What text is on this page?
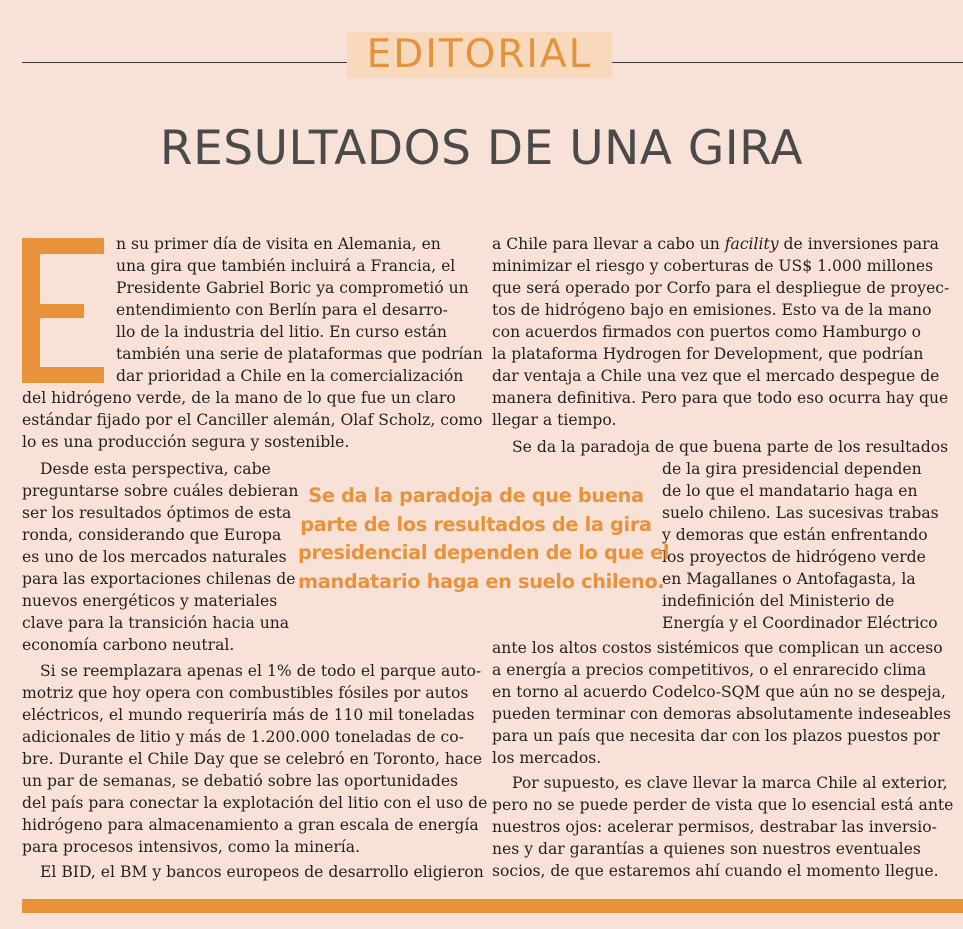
EDITORIAL
RESULTADOS DE UNA GIRA
n su primer día de visita en Alemania, en
una gira que también incluirá a Francia, el
Presidente Gabriel Boric ya comprometió un
entendimiento con Berlín para el desarro-
llo de la industria del litio. En curso están
también una serie de plataformas que podrían
dar prioridad a Chile en la comercialización
del hidrógeno verde, de la mano de lo que fue un claro
estándar fijado por el Canciller alemán, Olaf Scholz, como
lo es una producción segura y sostenible.
Desde esta perspectiva, cabe
preguntarse sobre cuáles debieran
ser los resultados óptimos de esta
ronda, considerando que Europa
es uno de los mercados naturales
para las exportaciones chilenas de
nuevos energéticos y materiales
clave para la transición hacia una
economía carbono neutral.
Si se reemplazara apenas el 1% de todo el parque auto-
motriz que hoy opera con combustibles fósiles por autos
eléctricos, el mundo requeriría más de 110 mil toneladas
adicionales de litio y más de 1.200.000 toneladas de co-
bre. Durante el Chile Day que se celebró en Toronto, hace
un par de semanas, se debatió sobre las oportunidades
del país para conectar la explotación del litio con el uso de
hidrógeno para almacenamiento a gran escala de energía
para procesos intensivos, como la minería.
El BID, el BM y bancos europeos de desarrollo eligieron
a Chile para llevar a cabo un facility de inversiones para
minimizar el riesgo y coberturas de US$ 1.000 millones
que será operado por Corfo para el despliegue de proyec-
tos de hidrógeno bajo en emisiones. Esto va de la mano
con acuerdos firmados con puertos como Hamburgo o
la plataforma Hydrogen for Development, que podrían
dar ventaja a Chile una vez que el mercado despegue de
manera definitiva. Pero para que todo eso ocurra hay que
llegar a tiempo.
Se da la paradoja de que buena parte de los resultados
de la gira presidencial dependen
de lo que el mandatario haga en
suelo chileno. Las sucesivas trabas
y demoras que están enfrentando
los proyectos de hidrógeno verde
en Magallanes o Antofagasta, la
indefinición del Ministerio de
Energía y el Coordinador Eléctrico
ante los altos costos sistémicos que complican un acceso
a energía a precios competitivos, o el enrarecido clima
en torno al acuerdo Codelco-SQM que aún no se despeja,
pueden terminar con demoras absolutamente indeseables
para un país que necesita dar con los plazos puestos por
los mercados.
Por supuesto, es clave llevar la marca Chile al exterior,
pero no se puede perder de vista que lo esencial está ante
nuestros ojos: acelerar permisos, destrabar las inversio-
nes y dar garantías a quienes son nuestros eventuales
socios, de que estaremos ahí cuando el momento llegue.
Se da la paradoja de que buena
parte de los resultados de la gira
presidencial dependen de lo que el
mandatario haga en suelo chileno.
